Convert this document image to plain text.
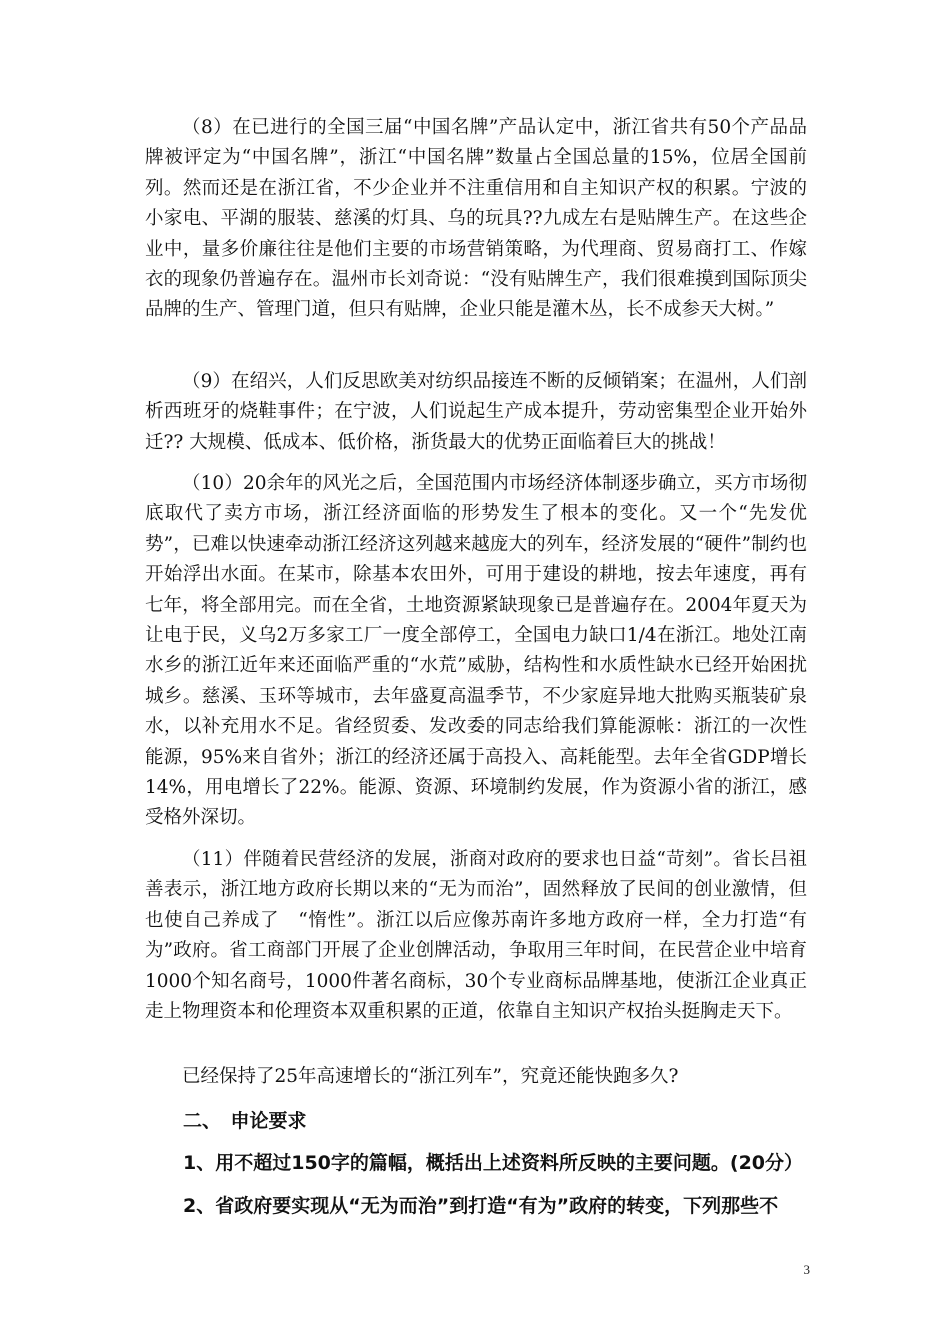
（8）在已进行的全国三届“中国名牌”产品认定中，浙江省共有50个产品品牌被评定为“中国名牌”，浙江“中国名牌”数量占全国总量的15%，位居全国前列。然而还是在浙江省，不少企业并不注重信用和自主知识产权的积累。宁波的小家电、平湖的服装、慈溪的灯具、乌的玩具??九成左右是贴牌生产。在这些企业中，量多价廉往往是他们主要的市场营销策略，为代理商、贸易商打工、作嫁衣的现象仍普遍存在。温州市长刘奇说：“没有贴牌生产，我们很难摸到国际顶尖品牌的生产、管理门道，但只有贴牌，企业只能是灌木丛，长不成参天大树。”

（9）在绍兴，人们反思欧美对纺织品接连不断的反倾销案；在温州，人们剖析西班牙的烧鞋事件；在宁波，人们说起生产成本提升，劳动密集型企业开始外迁?? 大规模、低成本、低价格，浙货最大的优势正面临着巨大的挑战！

（10）20余年的风光之后，全国范围内市场经济体制逐步确立，买方市场彻底取代了卖方市场，浙江经济面临的形势发生了根本的变化。又一个“先发优势”，已难以快速牵动浙江经济这列越来越庞大的列车，经济发展的“硬件”制约也开始浮出水面。在某市，除基本农田外，可用于建设的耕地，按去年速度，再有七年，将全部用完。而在全省，土地资源紧缺现象已是普遍存在。2004年夏天为让电于民，义乌2万多家工厂一度全部停工，全国电力缺口1/4在浙江。地处江南水乡的浙江近年来还面临严重的“水荒”威胁，结构性和水质性缺水已经开始困扰城乡。慈溪、玉环等城市，去年盛夏高温季节，不少家庭异地大批购买瓶装矿泉水，以补充用水不足。省经贸委、发改委的同志给我们算能源帐：浙江的一次性能源，95%来自省外；浙江的经济还属于高投入、高耗能型。去年全省GDP增长14%，用电增长了22%。能源、资源、环境制约发展，作为资源小省的浙江，感受格外深切。

（11）伴随着民营经济的发展，浙商对政府的要求也日益“苛刻”。省长吕祖善表示，浙江地方政府长期以来的“无为而治”，固然释放了民间的创业激情，但也使自己养成了　“惰性”。浙江以后应像苏南许多地方政府一样，全力打造“有为”政府。省工商部门开展了企业创牌活动，争取用三年时间，在民营企业中培育1000个知名商号，1000件著名商标，30个专业商标品牌基地，使浙江企业真正走上物理资本和伦理资本双重积累的正道，依靠自主知识产权抬头挺胸走天下。

已经保持了25年高速增长的“浙江列车”，究竟还能快跑多久?

二、　申论要求

1、用不超过150字的篇幅，概括出上述资料所反映的主要问题。(20分）

2、省政府要实现从“无为而治”到打造“有为”政府的转变，下列那些不

3
